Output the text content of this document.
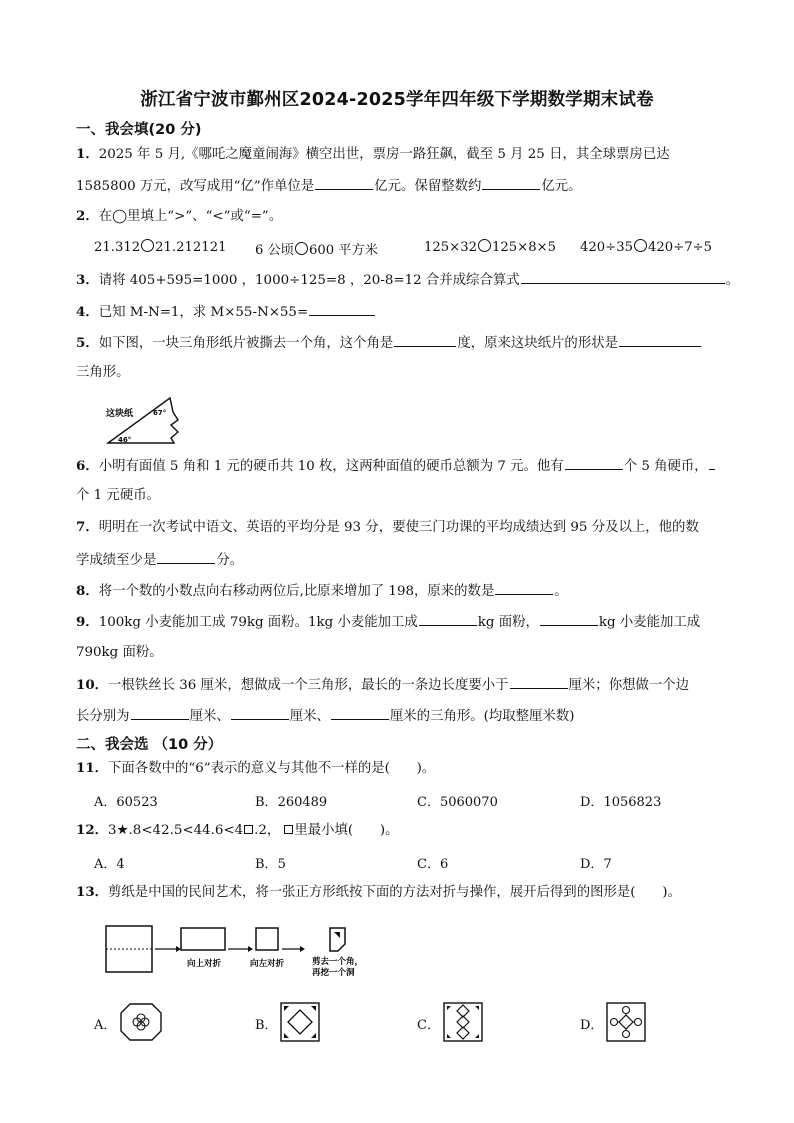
浙江省宁波市鄞州区2024-2025学年四年级下学期数学期末试卷
一、我会填(20 分)
1．2025 年 5 月,《哪吒之魔童闹海》横空出世，票房一路狂飙，截至 5 月 25 日，其全球票房已达
1585800 万元，改写成用“亿”作单位是	亿元。保留整数约	亿元。
2．在◯里填上“>”、“<”或“=”。
21.312 21.212121 6 公顷 600 平方米	125×32 125×8×5 420÷35 420÷7÷5
3．请将 405+595=1000 ，1000÷125=8 ，20-8=12 合并成综合算式	。
4．已知 M-N=1，求 M×55-N×55=
5．如下图，一块三角形纸片被撕去一个角，这个角是	度，原来这块纸片的形状是
三角形。
这块纸	67°
46°
6．小明有面值 5 角和 1 元的硬币共 10 枚，这两种面值的硬币总额为 7 元。他有	个 5 角硬币，
个 1 元硬币。
7．明明在一次考试中语文、英语的平均分是 93 分，要使三门功课的平均成绩达到 95 分及以上，他的数
学成绩至少是	分。
8．将一个数的小数点向右移动两位后,比原来增加了 198，原来的数是	。
9．100kg 小麦能加工成 79kg 面粉。1kg 小麦能加工成	kg 面粉，	kg 小麦能加工成
790kg 面粉。
10．一根铁丝长 36 厘米，想做成一个三角形，最长的一条边长度要小于	厘米；你想做一个边
长分别为	厘米、	厘米、	厘米的三角形。(均取整厘米数)
二、我会选 （10 分）
11．下面各数中的“6”表示的意义与其他不一样的是(　　)。
A．60523	B．260489	C．5060070	D．1056823
12．3★.8<42.5<44.6<4 .2， 里最小填(　　)。
A．4	B．5	C．6	D．7
13．剪纸是中国的民间艺术，将一张正方形纸按下面的方法对折与操作，展开后得到的图形是(　　)。
向上对折	向左对折	剪去一个角，
再挖一个洞
A．	B．	C．	D．
